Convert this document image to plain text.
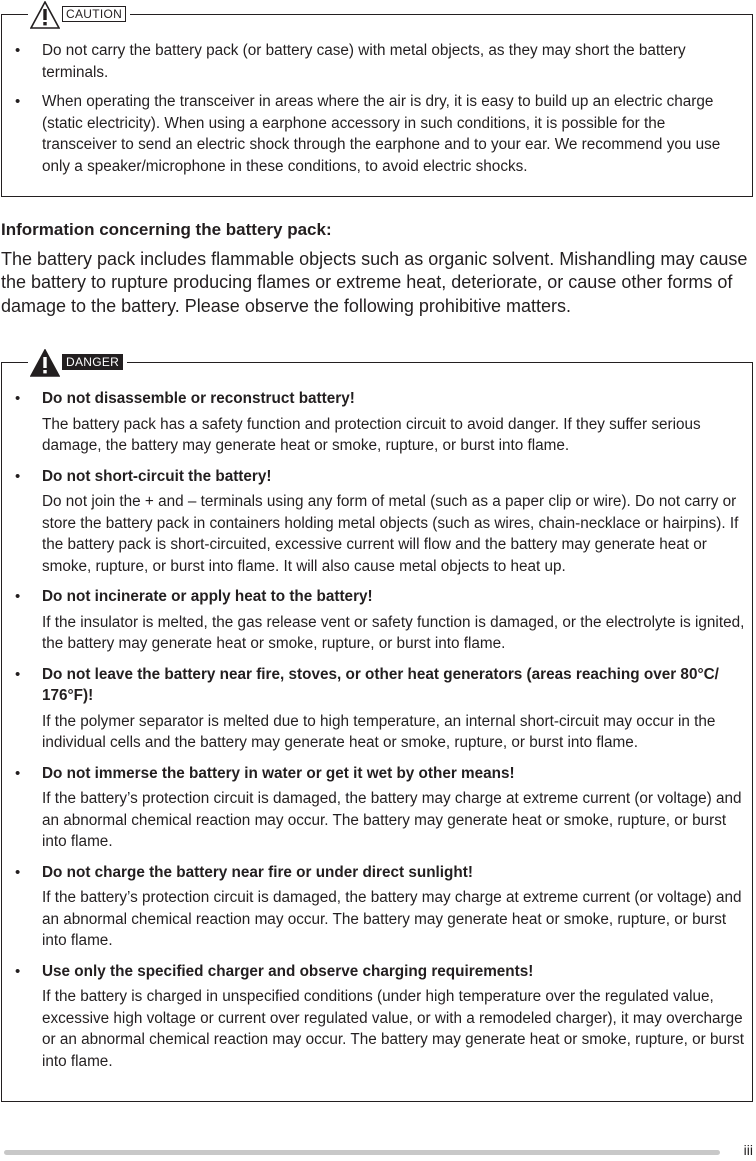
CAUTION
• Do not carry the battery pack (or battery case) with metal objects, as they may short the battery terminals.

• When operating the transceiver in areas where the air is dry, it is easy to build up an electric charge (static electricity). When using a earphone accessory in such conditions, it is possible for the transceiver to send an electric shock through the earphone and to your ear. We recommend you use only a speaker/microphone in these conditions, to avoid electric shocks.

Information concerning the battery pack:

The battery pack includes flammable objects such as organic solvent. Mishandling may cause the battery to rupture producing flames or extreme heat, deteriorate, or cause other forms of damage to the battery. Please observe the following prohibitive matters.

DANGER
• Do not disassemble or reconstruct battery!

The battery pack has a safety function and protection circuit to avoid danger. If they suffer serious damage, the battery may generate heat or smoke, rupture, or burst into flame.

• Do not short-circuit the battery!

Do not join the + and – terminals using any form of metal (such as a paper clip or wire). Do not carry or store the battery pack in containers holding metal objects (such as wires, chain-necklace or hairpins). If the battery pack is short-circuited, excessive current will flow and the battery may generate heat or smoke, rupture, or burst into flame. It will also cause metal objects to heat up.

• Do not incinerate or apply heat to the battery!

If the insulator is melted, the gas release vent or safety function is damaged, or the electrolyte is ignited, the battery may generate heat or smoke, rupture, or burst into flame.

• Do not leave the battery near fire, stoves, or other heat generators (areas reaching over 80°C/ 176°F)!

If the polymer separator is melted due to high temperature, an internal short-circuit may occur in the individual cells and the battery may generate heat or smoke, rupture, or burst into flame.

• Do not immerse the battery in water or get it wet by other means!

If the battery’s protection circuit is damaged, the battery may charge at extreme current (or voltage) and an abnormal chemical reaction may occur. The battery may generate heat or smoke, rupture, or burst into flame.

• Do not charge the battery near fire or under direct sunlight!

If the battery’s protection circuit is damaged, the battery may charge at extreme current (or voltage) and an abnormal chemical reaction may occur. The battery may generate heat or smoke, rupture, or burst into flame.

• Use only the specified charger and observe charging requirements!

If the battery is charged in unspecified conditions (under high temperature over the regulated value, excessive high voltage or current over regulated value, or with a remodeled charger), it may overcharge or an abnormal chemical reaction may occur. The battery may generate heat or smoke, rupture, or burst into flame.

iii
